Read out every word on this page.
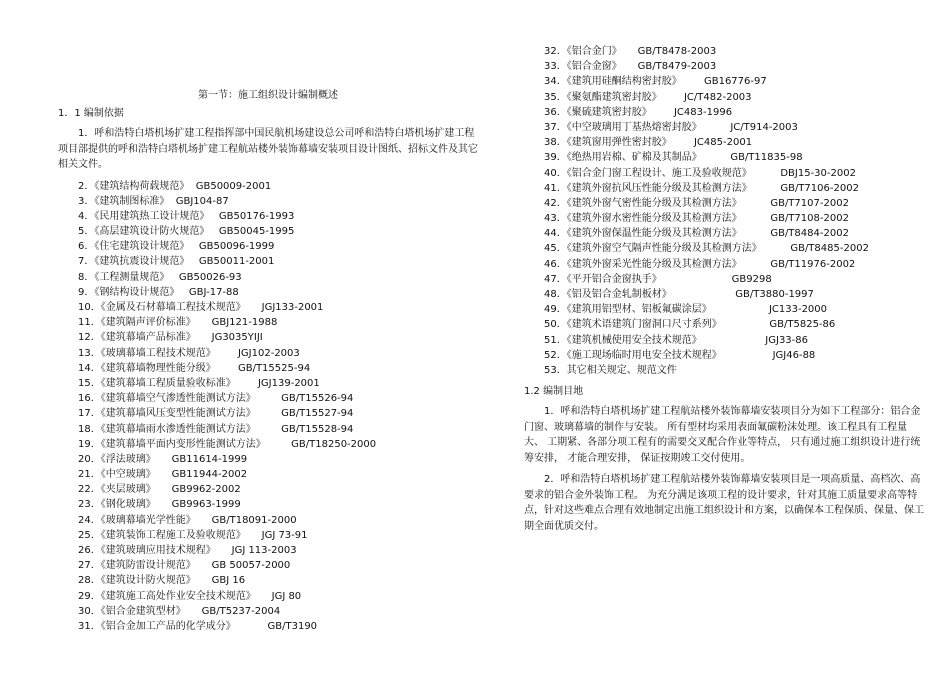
第一节：施工组织设计编制概述
1．1 编制依据

1．呼和浩特白塔机场扩建工程指挥部中国民航机场建设总公司呼和浩特白塔机场扩建工程项目部提供的呼和浩特白塔机场扩建工程航站楼外装饰幕墙安装项目设计图纸、招标文件及其它相关文件。

2．《建筑结构荷载规范》  GB50009-2001
3．《建筑制图标准》  GBJ104-87
4．《民用建筑热工设计规范》   GB50176-1993
5．《高层建筑设计防火规范》   GB50045-1995
6．《住宅建筑设计规范》   GB50096-1999
7．《建筑抗震设计规范》   GB50011-2001
8．《工程测量规范》   GB50026-93
9．《钢结构设计规范》   GBJ-17-88
10．《金属及石材幕墙工程技术规范》     JGJ133-2001
11．《建筑隔声评价标准》     GBJ121-1988
12．《建筑幕墙产品标准》     JG3035YIJI
13．《玻璃幕墙工程技术规范》       JGJ102-2003
14．《建筑幕墙物理性能分级》       GB/T15525-94
15．《建筑幕墙工程质量验收标准》       JGJ139-2001
16．《建筑幕墙空气渗透性能测试方法》        GB/T15526-94
17．《建筑幕墙风压变型性能测试方法》        GB/T15527-94
18．《建筑幕墙雨水渗透性能测试方法》        GB/T15528-94
19．《建筑幕墙平面内变形性能测试方法》        GB/T18250-2000
20．《浮法玻璃》     GB11614-1999
21．《中空玻璃》     GB11944-2002
22．《夹层玻璃》     GB9962-2002
23．《钢化玻璃》     GB9963-1999
24．《玻璃幕墙光学性能》     GB/T18091-2000
25．《建筑装饰工程施工及验收规范》     JGJ 73-91
26．《建筑玻璃应用技术规程》     JGJ 113-2003
27．《建筑防雷设计规范》     GB 50057-2000
28．《建筑设计防火规范》     GBJ 16
29．《建筑施工高处作业安全技术规范》     JGJ 80
30．《铝合金建筑型材》     GB/T5237-2004
31．《铝合金加工产品的化学成分》          GB/T3190
32．《铝合金门》     GB/T8478-2003
33．《铝合金窗》     GB/T8479-2003
34．《建筑用硅酮结构密封胶》       GB16776-97
35．《聚氨酯建筑密封胶》       JC/T482-2003
36．《聚硫建筑密封胶》       JC483-1996
37．《中空玻璃用丁基热熔密封胶》         JC/T914-2003
38．《建筑窗用弹性密封胶》       JC485-2001
39．《绝热用岩棉、矿棉及其制品》         GB/T11835-98
40．《铝合金门窗工程设计、施工及验收规范》         DBJ15-30-2002
41．《建筑外窗抗风压性能分级及其检测方法》         GB/T7106-2002
42．《建筑外窗气密性能分级及其检测方法》         GB/T7107-2002
43．《建筑外窗水密性能分级及其检测方法》         GB/T7108-2002
44．《建筑外窗保温性能分级及其检测方法》         GB/T8484-2002
45．《建筑外窗空气隔声性能分级及其检测方法》         GB/T8485-2002
46．《建筑外窗采光性能分级及其检测方法》         GB/T11976-2002
47．《平开铝合金窗执手》                      GB9298
48．《铝及铝合金轧制板材》                    GB/T3880-1997
49．《建筑用铝型材、铝板氟碳涂层》                  JC133-2000
50．《建筑术语建筑门窗洞口尺寸系列》               GB/T5825-86
51．《建筑机械使用安全技术规范》                    JGJ33-86
52．《施工现场临时用电安全技术规程》                JGJ46-88
53．其它相关规定、规范文件
1.2 编制目地

1．呼和浩特白塔机场扩建工程航站楼外装饰幕墙安装项目分为如下工程部分：铝合金门窗、玻璃幕墙的制作与安装。 所有型材均采用表面氟碳粉沫处理。该工程具有工程量大、 工期紧、各部分项工程有的需要交叉配合作业等特点， 只有通过施工组织设计进行统筹安排， 才能合理安排， 保证按期竣工交付使用。

2．呼和浩特白塔机场扩建工程航站楼外装饰幕墙安装项目是一项高质量、高档次、高要求的铝合金外装饰工程。 为充分满足该项工程的设计要求，针对其施工质量要求高等特点，针对这些难点合理有效地制定出施工组织设计和方案，以确保本工程保质、保量、保工期全面优质交付。
